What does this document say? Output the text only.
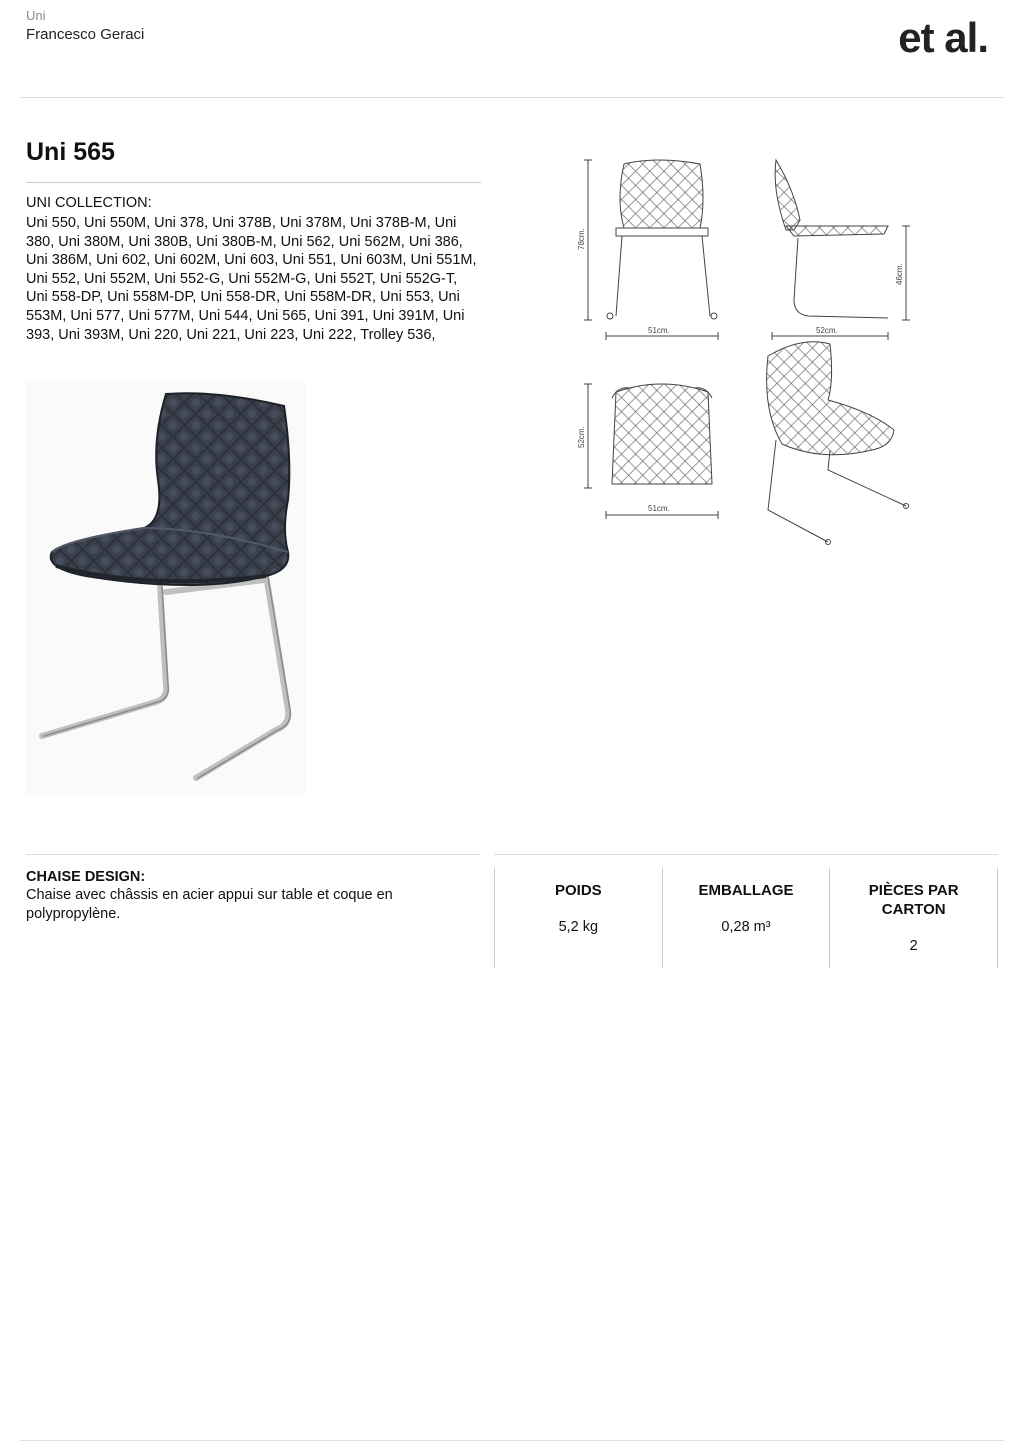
Uni
Francesco Geraci	et al.
Uni 565
UNI COLLECTION:
Uni 550, Uni 550M, Uni 378, Uni 378B, Uni 378M, Uni 378B-M, Uni 380, Uni 380M, Uni 380B, Uni 380B-M, Uni 562, Uni 562M, Uni 386, Uni 386M, Uni 602, Uni 602M, Uni 603, Uni 551, Uni 603M, Uni 551M, Uni 552, Uni 552M, Uni 552-G, Uni 552M-G, Uni 552T, Uni 552G-T, Uni 558-DP, Uni 558M-DP, Uni 558-DR, Uni 558M-DR, Uni 553, Uni 553M, Uni 577, Uni 577M, Uni 544, Uni 565, Uni 391, Uni 391M, Uni 393, Uni 393M, Uni 220, Uni 221, Uni 223, Uni 222, Trolley 536,
78cm.
51cm.
46cm.
52cm.
52cm.
51cm.
CHAISE DESIGN:
Chaise avec châssis en acier appui sur table et coque en polypropylène.
POIDS
5,2 kg
EMBALLAGE
0,28 m³
PIÈCES PAR CARTON
2
